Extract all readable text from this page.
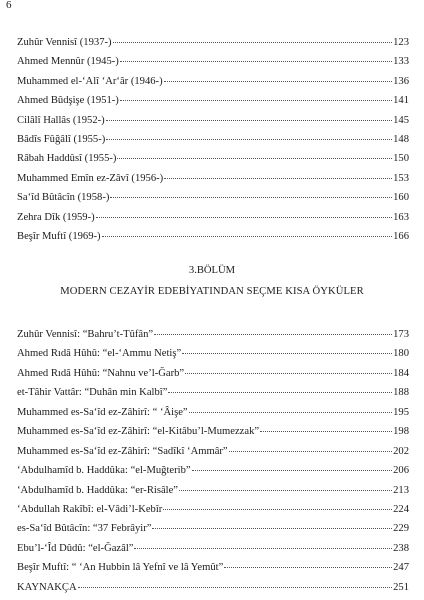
6
Zuhûr Vennisî (1937-)	123
Ahmed Mennûr (1945-)	133
Muhammed el-‘Alî ‘Ar‘âr (1946-)	136
Ahmed Bûdşişe (1951-)	141
Cilâlî Hallâs (1952-)	145
Bâdîs Fûğâlî (1955-)	148
Râbah Haddûsî (1955-)	150
Muhammed Emîn ez-Zâvî (1956-)	153
Sa‘îd Bûtâcîn (1958-)	160
Zehra Dîk (1959-)	163
Beşîr Muftî (1969-)	166
3.BÖLÜM
MODERN CEZAYİR EDEBİYATINDAN SEÇME KISA ÖYKÜLER
Zuhûr Vennisî: “Bahru’t-Tûfân”	173
Ahmed Rıdâ Hûhû: “el-‘Ammu Netiş”	180
Ahmed Rıdâ Hûhû: “Nahnu ve’l-Ğarb”	184
et-Tâhir Vattâr: “Duhân min Kalbî”	188
Muhammed es-Sa‘îd ez-Zâhirî: “ ‘Âişe”	195
Muhammed es-Sa‘îd ez-Zâhirî: “el-Kitâbu’l-Mumezzak”	198
Muhammed es-Sa‘îd ez-Zâhirî: “Sadîkî ‘Ammâr”	202
‘Abdulhamîd b. Haddûka: “el-Muğterib”	206
‘Abdulhamîd b. Haddûka: “er-Risâle”	213
‘Abdullah Rakîbî: el-Vâdi’l-Kebîr	224
es-Sa‘îd Bûtâcîn: “37 Febrâyir”	229
Ebu’l-‘Îd Dûdû: “el-Ğazâl”	238
Beşîr Muftî: “ ‘An Hubbin lâ Yefnî ve lâ Yemût”	247
KAYNAKÇA	251
